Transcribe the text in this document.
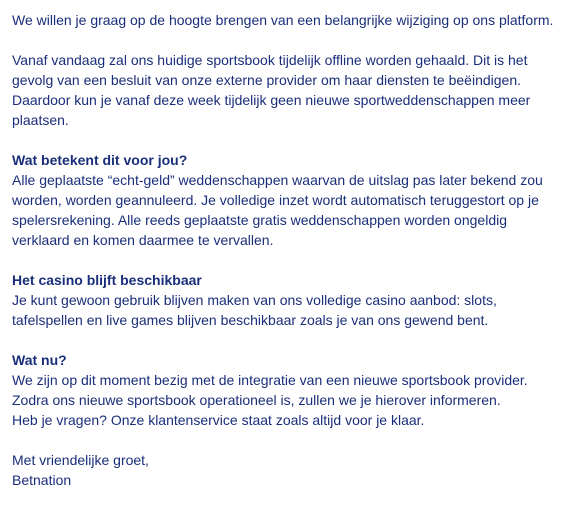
We willen je graag op de hoogte brengen van een belangrijke wijziging op ons platform.

Vanaf vandaag zal ons huidige sportsbook tijdelijk offline worden gehaald. Dit is het
gevolg van een besluit van onze externe provider om haar diensten te beëindigen.
Daardoor kun je vanaf deze week tijdelijk geen nieuwe sportweddenschappen meer
plaatsen.

Wat betekent dit voor jou?
Alle geplaatste “echt-geld” weddenschappen waarvan de uitslag pas later bekend zou
worden, worden geannuleerd. Je volledige inzet wordt automatisch teruggestort op je
spelersrekening. Alle reeds geplaatste gratis weddenschappen worden ongeldig
verklaard en komen daarmee te vervallen.

Het casino blijft beschikbaar
Je kunt gewoon gebruik blijven maken van ons volledige casino aanbod: slots,
tafelspellen en live games blijven beschikbaar zoals je van ons gewend bent.

Wat nu?
We zijn op dit moment bezig met de integratie van een nieuwe sportsbook provider.
Zodra ons nieuwe sportsbook operationeel is, zullen we je hierover informeren.
Heb je vragen? Onze klantenservice staat zoals altijd voor je klaar.

Met vriendelijke groet,
Betnation
